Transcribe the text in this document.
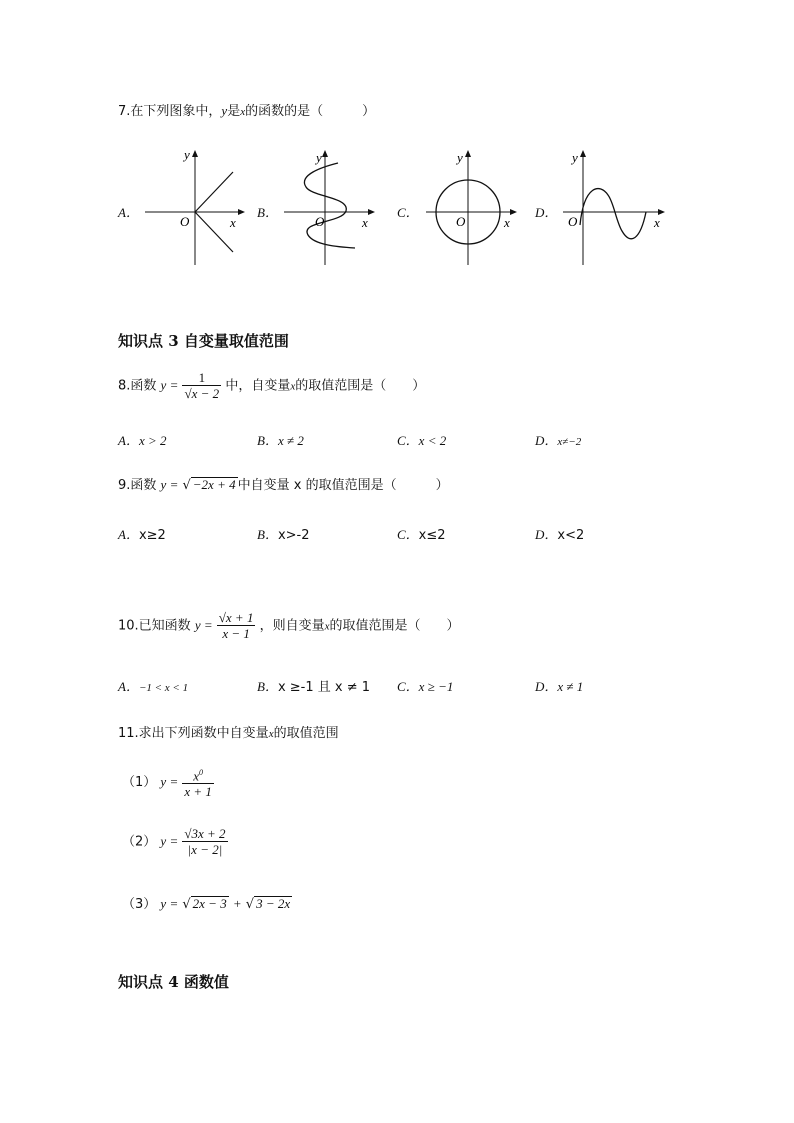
7.在下列图象中，y是x的函数的是（　　　）
A．
O	x
y
B．
O	x
y
C．
O	x
y
D．
O	x
y
知识点 3 自变量取值范围
8.函数 $y = \frac{1}{√x - 2}$ 中，自变量x的取值范围是（　　）
A．x > 2	B．x ≠ 2	C．x < 2	D．x≠−2
9.函数 y = √ −2x + 4 中自变量 x 的取值范围是（　　　）
A．x≥2	B．x>-2	C．x≤2	D．x<2
10.已知函数 $y = \frac{√x + 1}{x - 1}$ ，则自变量x的取值范围是（　　）
A．−1 < x < 1	B．x ≥-1 且 x ≠ 1 C．x ≥ −1	D．x ≠ 1
11.求出下列函数中自变量x的取值范围
（1） $y = \frac{x^0}{x + 1}$
（2） $y = \frac{√3x + 2}{|x - 2|}$
（3） y = √ 2x − 3 + √ 3 − 2x
知识点 4 函数值
